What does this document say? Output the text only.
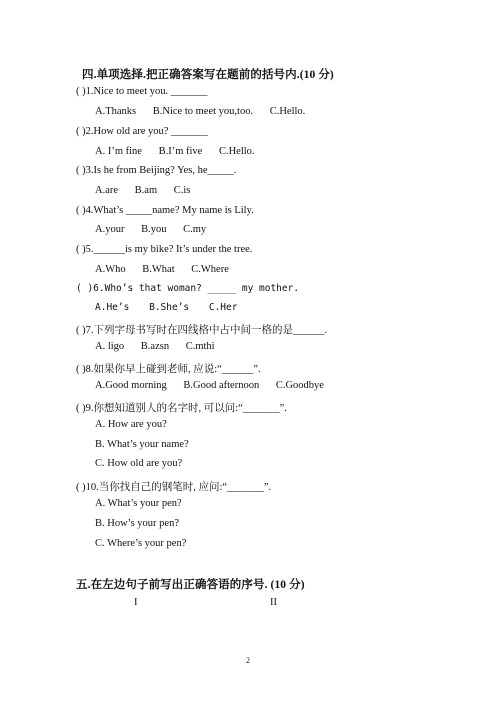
四.单项选择.把正确答案写在题前的括号内.(10 分)
( )1.Nice to meet you. _______
A.Thanks B.Nice to meet you,too. C.Hello.
( )2.How old are you? _______
A. I’m fine B.I’m five C.Hello.
( )3.Is he from Beijing? Yes, he_____.
A.are B.am C.is
( )4.What’s _____name? My name is Lily.
A.your B.you C.my
( )5.______is my bike? It’s under the tree.
A.Who B.What C.Where
( )6.Who’s that woman? _____ my mother.
A.He’s B.She’s C.Her
( )7.下列字母书写时在四线格中占中间一格的是______.
A. ligo B.azsn C.mthi
( )8.如果你早上碰到老师, 应说:“______”.
A.Good morning B.Good afternoon C.Goodbye
( )9.你想知道别人的名字时, 可以问:“_______”.
A. How are you?
B. What’s your name?
C. How old are you?
( )10.当你找自己的钢笔时, 应问:“_______”.
A. What’s your pen?
B. How’s your pen?
C. Where’s your pen?
五.在左边句子前写出正确答语的序号. (10 分)
I	II
2
